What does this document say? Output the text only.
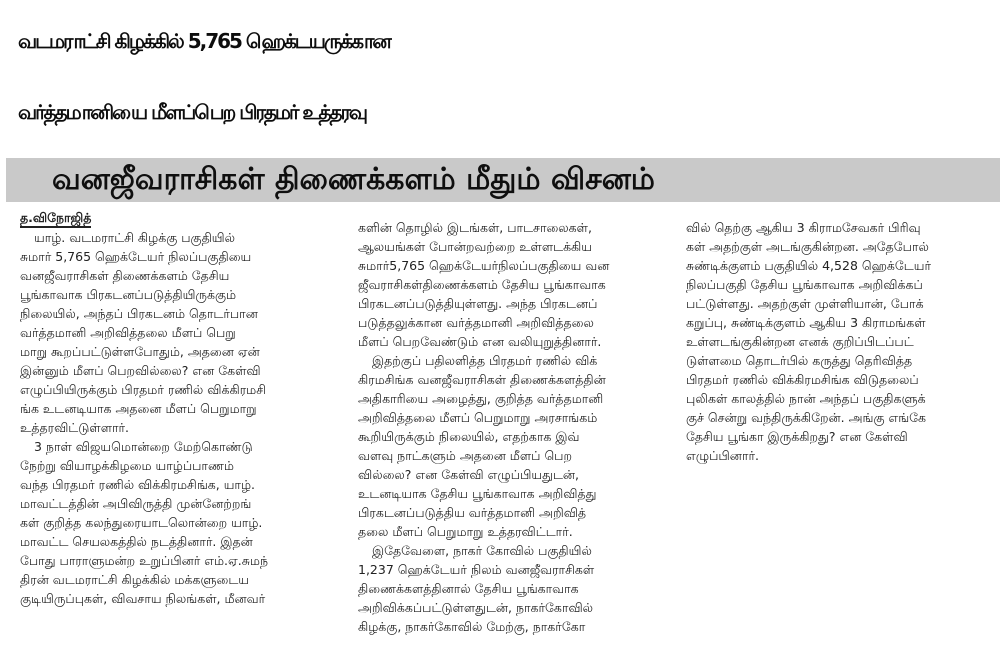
வடமராட்சி கிழக்கில் 5,765 ஹெக்டயருக்கான
வர்த்தமானியை மீளப்பெற பிரதமர் உத்தரவு
வனஜீவராசிகள் திணைக்களம் மீதும் விசனம்
த.விநோஜித்
யாழ். வடமராட்சி கிழக்கு பகுதியில்
சுமார் 5,765 ஹெக்டேயர் நிலப்பகுதியை
வனஜீவராசிகள் திணைக்களம் தேசிய
பூங்காவாக பிரகடனப்படுத்தியிருக்கும்
நிலையில், அந்தப் பிரகடனம் தொடர்பான
வர்த்தமானி அறிவித்தலை மீளப் பெறு
மாறு கூறப்பட்டுள்ளபோதும், அதனை ஏன்
இன்னும் மீளப் பெறவில்லை? என கேள்வி
எழுப்பியிருக்கும் பிரதமர் ரணில் விக்கிரமசி
ங்க உடனடியாக அதனை மீளப் பெறுமாறு
உத்தரவிட்டுள்ளார்.
3 நாள் விஜயமொன்றை மேற்கொண்டு
நேற்று வியாழக்கிழமை யாழ்ப்பாணம்
வந்த பிரதமர் ரணில் விக்கிரமசிங்க, யாழ்.
மாவட்டத்தின் அபிவிருத்தி முன்னேற்றங்
கள் குறித்த கலந்துரையாடலொன்றை யாழ்.
மாவட்ட செயலகத்தில் நடத்தினார். இதன்
போது பாராளுமன்ற உறுப்பினர் எம்.ஏ.சுமந்
திரன் வடமராட்சி கிழக்கில் மக்களுடைய
குடியிருப்புகள், விவசாய நிலங்கள், மீனவர்
களின் தொழில் இடங்கள், பாடசாலைகள்,
ஆலயங்கள் போன்றவற்றை உள்ளடக்கிய
சுமார்5,765 ஹெக்டேயர்நிலப்பகுதியை வன
ஜீவராசிகள்திணைக்களம் தேசிய பூங்காவாக
பிரகடனப்படுத்தியுள்ளது. அந்த பிரகடனப்
படுத்தலுக்கான வர்த்தமானி அறிவித்தலை
மீளப் பெறவேண்டும் என வலியுறுத்தினார்.
இதற்குப் பதிலளித்த பிரதமர் ரணில் விக்
கிரமசிங்க வனஜீவராசிகள் திணைக்களத்தின்
அதிகாரியை அழைத்து, குறித்த வர்த்தமானி
அறிவித்தலை மீளப் பெறுமாறு அரசாங்கம்
கூறியிருக்கும் நிலையில், எதற்காக இவ்
வளவு நாட்களும் அதனை மீளப் பெற
வில்லை? என கேள்வி எழுப்பியதுடன்,
உடனடியாக தேசிய பூங்காவாக அறிவித்து
பிரகடனப்படுத்திய வர்த்தமானி அறிவித்
தலை மீளப் பெறுமாறு உத்தரவிட்டார்.
இதேவேளை, நாகர் கோவில் பகுதியில்
1,237 ஹெக்டேயர் நிலம் வனஜீவராசிகள்
திணைக்களத்தினால் தேசிய பூங்காவாக
அறிவிக்கப்பட்டுள்ளதுடன், நாகர்கோவில்
கிழக்கு, நாகர்கோவில் மேற்கு, நாகர்கோ
வில் தெற்கு ஆகிய 3 கிராமசேவகர் பிரிவு
கள் அதற்குள் அடங்குகின்றன. அதேபோல்
சுண்டிக்குளம் பகுதியில் 4,528 ஹெக்டேயர்
நிலப்பகுதி தேசிய பூங்காவாக அறிவிக்கப்
பட்டுள்ளது. அதற்குள் முள்ளியான், போக்
கறுப்பு, சுண்டிக்குளம் ஆகிய 3 கிராமங்கள்
உள்ளடங்குகின்றன எனக் குறிப்பிடப்பட்
டுள்ளமை தொடர்பில் கருத்து தெரிவித்த
பிரதமர் ரணில் விக்கிரமசிங்க விடுதலைப்
புலிகள் காலத்தில் நான் அந்தப் பகுதிகளுக்
குச் சென்று வந்திருக்கிறேன். அங்கு எங்கே
தேசிய பூங்கா இருக்கிறது? என கேள்வி
எழுப்பினார்.
